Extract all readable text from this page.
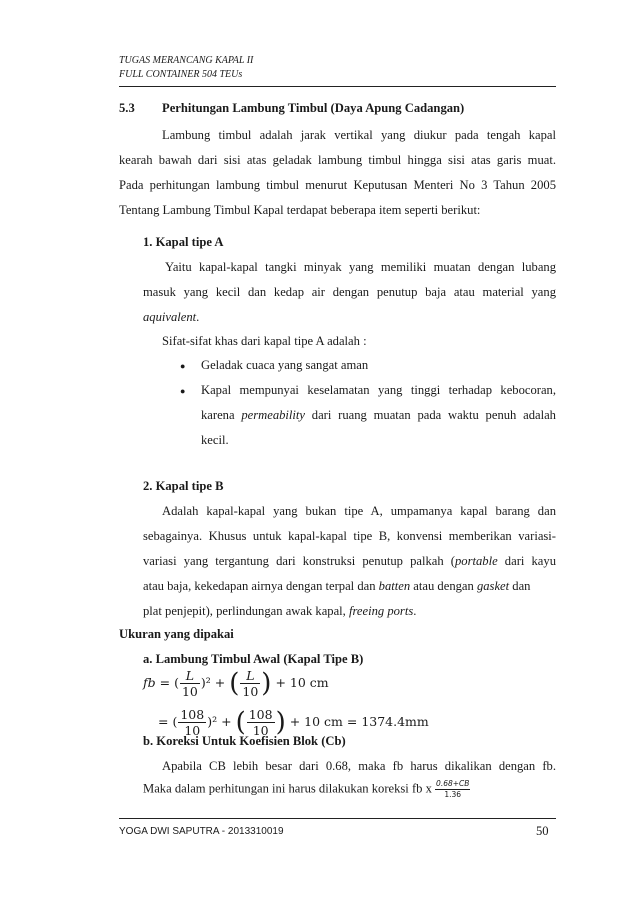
TUGAS MERANCANG KAPAL II
FULL CONTAINER 504 TEUs
5.3 Perhitungan Lambung Timbul (Daya Apung Cadangan)
Lambung timbul adalah jarak vertikal yang diukur pada tengah kapal
kearah bawah dari sisi atas geladak lambung timbul hingga sisi atas garis muat.
Pada perhitungan lambung timbul menurut Keputusan Menteri No 3 Tahun 2005
Tentang Lambung Timbul Kapal terdapat beberapa item seperti berikut:
1. Kapal tipe A
Yaitu kapal-kapal tangki minyak yang memiliki muatan dengan lubang
masuk yang kecil dan kedap air dengan penutup baja atau material yang
aquivalent.
Sifat-sifat khas dari kapal tipe A adalah :
● Geladak cuaca yang sangat aman
● Kapal mempunyai keselamatan yang tinggi terhadap kebocoran,
karena permeability dari ruang muatan pada waktu penuh adalah
kecil.
2. Kapal tipe B
Adalah kapal-kapal yang bukan tipe A, umpamanya kapal barang dan
sebagainya. Khusus untuk kapal-kapal tipe B, konvensi memberikan variasi-
variasi yang tergantung dari konstruksi penutup palkah (portable dari kayu
atau baja, kekedapan airnya dengan terpal dan batten atau dengan gasket dan
plat penjepit), perlindungan awak kapal, freeing ports.
Ukuran yang dipakai
a. Lambung Timbul Awal (Kapal Tipe B)
fb = ( $\frac{L}{10} )^2$ + ( $\frac{L}{10}$ ) + 10 cm
= ( $\frac{108}{10} )^2$ + ( $\frac{108}{10}$ ) + 10 cm = 1374.4mm
b. Koreksi Untuk Koefisien Blok (Cb)
Apabila CB lebih besar dari 0.68, maka fb harus dikalikan dengan fb.
Maka dalam perhitungan ini harus dilakukan koreksi fb x $\frac{0.68+CB}{1.36}$
YOGA DWI SAPUTRA - 2013310019	50
